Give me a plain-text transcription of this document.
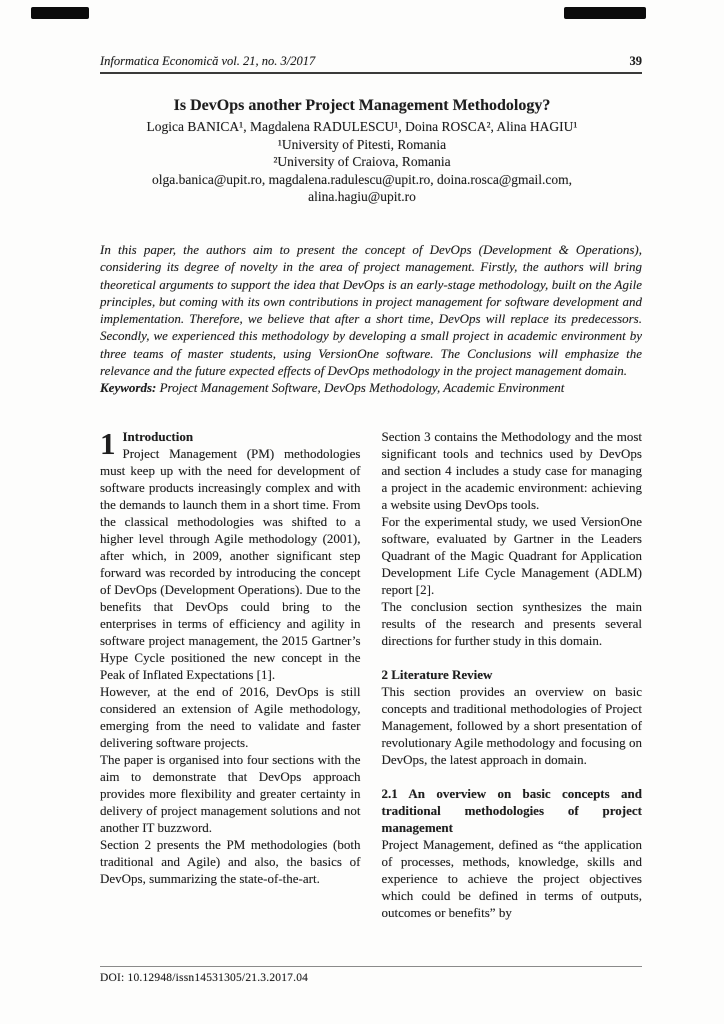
Informatica Economică vol. 21, no. 3/2017	39
Is DevOps another Project Management Methodology?
Logica BANICA¹, Magdalena RADULESCU¹, Doina ROSCA², Alina HAGIU¹
¹University of Pitesti, Romania
²University of Craiova, Romania
olga.banica@upit.ro, magdalena.radulescu@upit.ro, doina.rosca@gmail.com,
alina.hagiu@upit.ro

In this paper, the authors aim to present the concept of DevOps (Development & Operations), considering its degree of novelty in the area of project management. Firstly, the authors will bring theoretical arguments to support the idea that DevOps is an early-stage methodology, built on the Agile principles, but coming with its own contributions in project management for software development and implementation. Therefore, we believe that after a short time, DevOps will replace its predecessors. Secondly, we experienced this methodology by developing a small project in academic environment by three teams of master students, using VersionOne software. The Conclusions will emphasize the relevance and the future expected effects of DevOps methodology in the project management domain.

Keywords: Project Management Software, DevOps Methodology, Academic Environment

1 Introduction
Project Management (PM) methodologies must keep up with the need for development of software products increasingly complex and with the demands to launch them in a short time. From the classical methodologies was shifted to a higher level through Agile methodology (2001), after which, in 2009, another significant step forward was recorded by introducing the concept of DevOps (Development Operations). Due to the benefits that DevOps could bring to the enterprises in terms of efficiency and agility in software project management, the 2015 Gartner’s Hype Cycle positioned the new concept in the Peak of Inflated Expectations [1].

However, at the end of 2016, DevOps is still considered an extension of Agile methodology, emerging from the need to validate and faster delivering software projects.

The paper is organised into four sections with the aim to demonstrate that DevOps approach provides more flexibility and greater certainty in delivery of project management solutions and not another IT buzzword.

Section 2 presents the PM methodologies (both traditional and Agile) and also, the basics of DevOps, summarizing the state-of-the-art.

Section 3 contains the Methodology and the most significant tools and technics used by DevOps and section 4 includes a study case for managing a project in the academic environment: achieving a website using DevOps tools.

For the experimental study, we used VersionOne software, evaluated by Gartner in the Leaders Quadrant of the Magic Quadrant for Application Development Life Cycle Management (ADLM) report [2].

The conclusion section synthesizes the main results of the research and presents several directions for further study in this domain.

2 Literature Review

This section provides an overview on basic concepts and traditional methodologies of Project Management, followed by a short presentation of revolutionary Agile methodology and focusing on DevOps, the latest approach in domain.

2.1 An overview on basic concepts and traditional methodologies of project management

Project Management, defined as “the application of processes, methods, knowledge, skills and experience to achieve the project objectives which could be defined in terms of outputs, outcomes or benefits” by

DOI: 10.12948/issn14531305/21.3.2017.04
